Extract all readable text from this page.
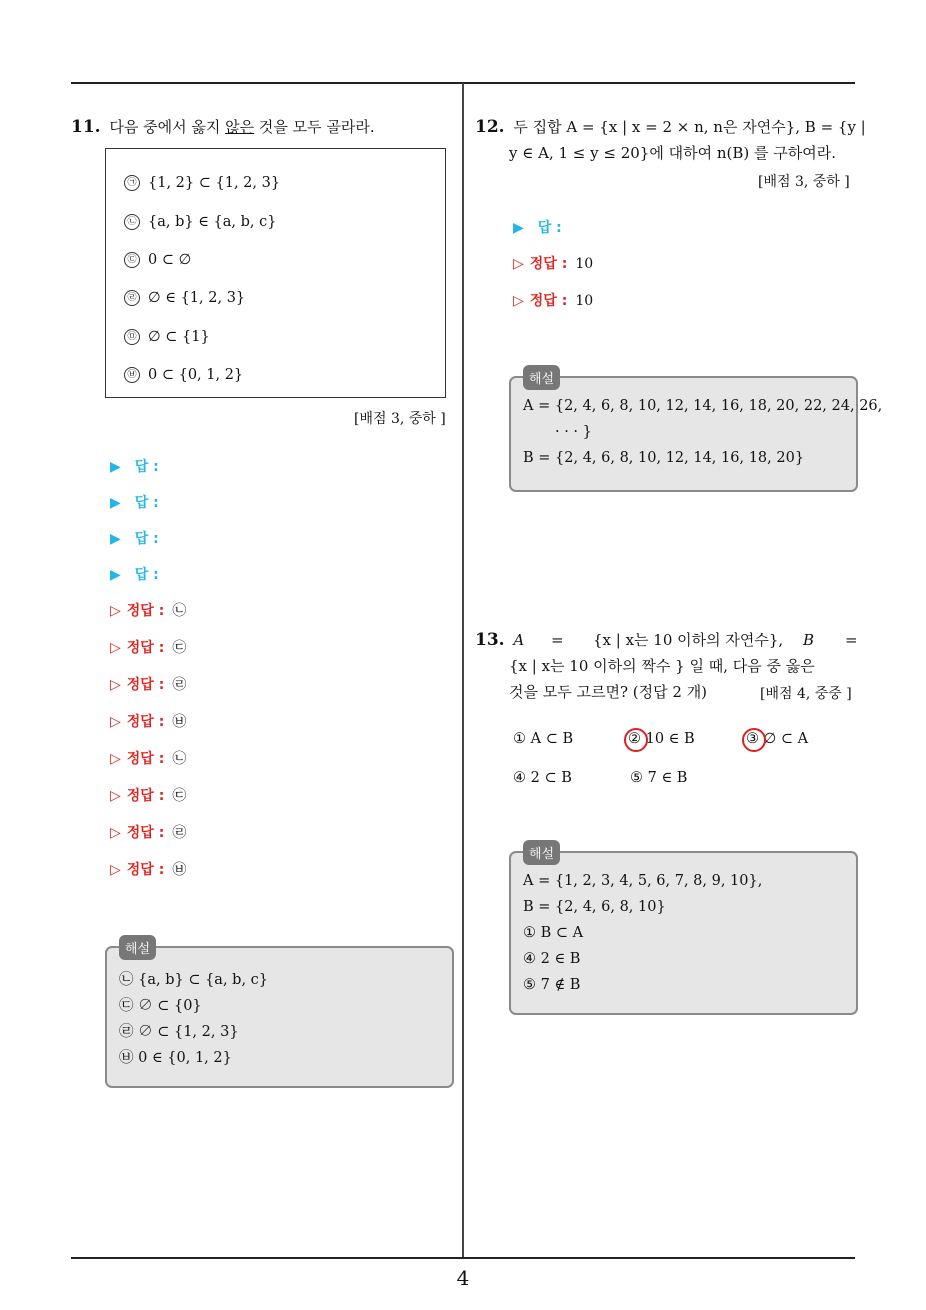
4
11. 다음 중에서 옳지 않은 것을 모두 골라라.
㉠ {1, 2} ⊂ {1, 2, 3}
㉡ {a, b} ∈ {a, b, c}
㉢ 0 ⊂ ∅
㉣ ∅ ∈ {1, 2, 3}
㉤ ∅ ⊂ {1}
㉥ 0 ⊂ {0, 1, 2}
[배점 3, 중하 ]
▶ 답 :
▶ 답 :
▶ 답 :
▶ 답 :
▷ 정답 : ㉡
▷ 정답 : ㉢
▷ 정답 : ㉣
▷ 정답 : ㉥
▷ 정답 : ㉡
▷ 정답 : ㉢
▷ 정답 : ㉣
▷ 정답 : ㉥
해설
㉡ {a, b} ⊂ {a, b, c}
㉢ ∅ ⊂ {0}
㉣ ∅ ⊂ {1, 2, 3}
㉥ 0 ∈ {0, 1, 2}
12. 두 집합 A = {x | x = 2 × n, n은 자연수}, B = {y |
y ∈ A, 1 ≤ y ≤ 20}에 대하여 n(B) 를 구하여라.
[배점 3, 중하 ]
▶ 답 :
▷ 정답 : 10
▷ 정답 : 10
해설
A = {2, 4, 6, 8, 10, 12, 14, 16, 18, 20, 22, 24, 26,
· · · }
B = {2, 4, 6, 8, 10, 12, 14, 16, 18, 20}
13. A = {x | x는 10 이하의 자연수}, B =
{x | x는 10 이하의 짝수 } 일 때, 다음 중 옳은
것을 모두 고르면? (정답 2 개)	[배점 4, 중중 ]
① A ⊂ B	② 10 ∈ B	③ ∅ ⊂ A
④ 2 ⊂ B	⑤ 7 ∈ B
해설
A = {1, 2, 3, 4, 5, 6, 7, 8, 9, 10},
B = {2, 4, 6, 8, 10}
① B ⊂ A
④ 2 ∈ B
⑤ 7 ∉ B
